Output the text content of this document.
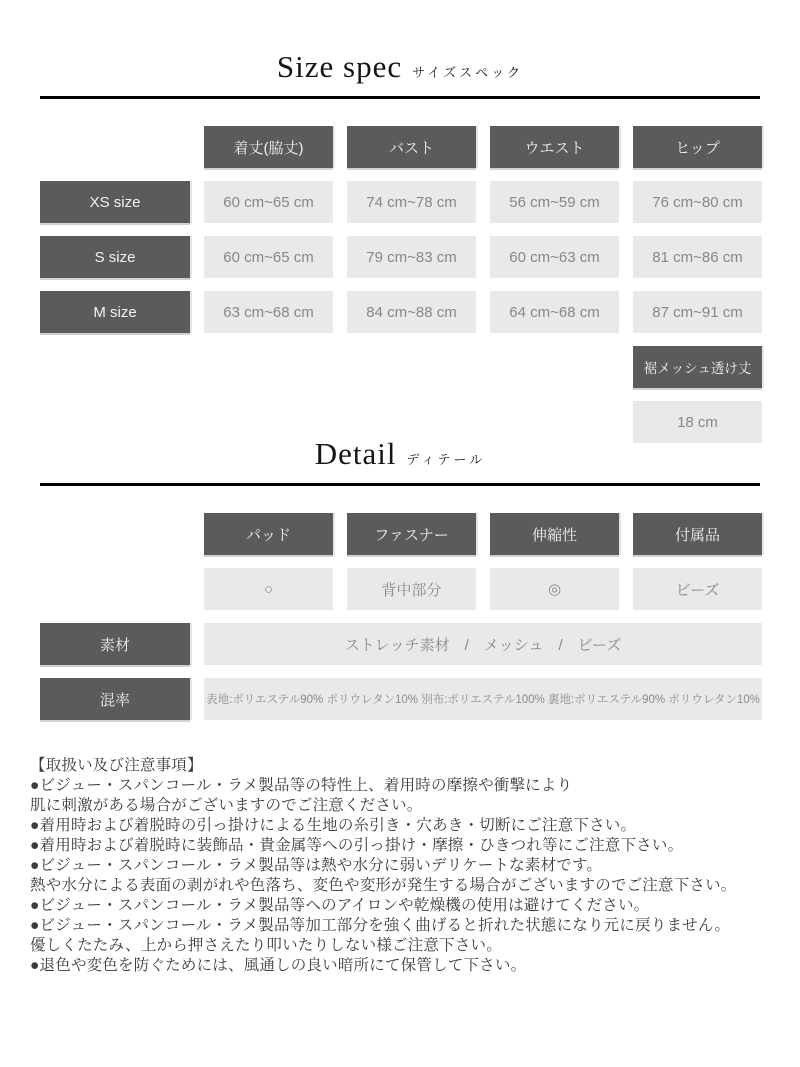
Size spec サイズスペック
着丈(脇丈)	バスト	ウエスト	ヒップ
XS size	60 cm~65 cm	74 cm~78 cm	56 cm~59 cm	76 cm~80 cm
S size	60 cm~65 cm	79 cm~83 cm	60 cm~63 cm	81 cm~86 cm
M size	63 cm~68 cm	84 cm~88 cm	64 cm~68 cm	87 cm~91 cm
裾メッシュ透け丈
18 cm
Detail ディテール
パッド	ファスナー	伸縮性	付属品
○	背中部分	◎	ビーズ
素材	ストレッチ素材　/　メッシュ　/　ビーズ
混率	表地:ポリエステル90% ポリウレタン10% 別布:ポリエステル100% 裏地:ポリエステル90% ポリウレタン10%
【取扱い及び注意事項】
●ビジュー・スパンコール・ラメ製品等の特性上、着用時の摩擦や衝撃により
肌に刺激がある場合がございますのでご注意ください。
●着用時および着脱時の引っ掛けによる生地の糸引き・穴あき・切断にご注意下さい。
●着用時および着脱時に装飾品・貴金属等への引っ掛け・摩擦・ひきつれ等にご注意下さい。
●ビジュー・スパンコール・ラメ製品等は熱や水分に弱いデリケートな素材です。
熱や水分による表面の剥がれや色落ち、変色や変形が発生する場合がございますのでご注意下さい。
●ビジュー・スパンコール・ラメ製品等へのアイロンや乾燥機の使用は避けてください。
●ビジュー・スパンコール・ラメ製品等加工部分を強く曲げると折れた状態になり元に戻りません。
優しくたたみ、上から押さえたり叩いたりしない様ご注意下さい。
●退色や変色を防ぐためには、風通しの良い暗所にて保管して下さい。
